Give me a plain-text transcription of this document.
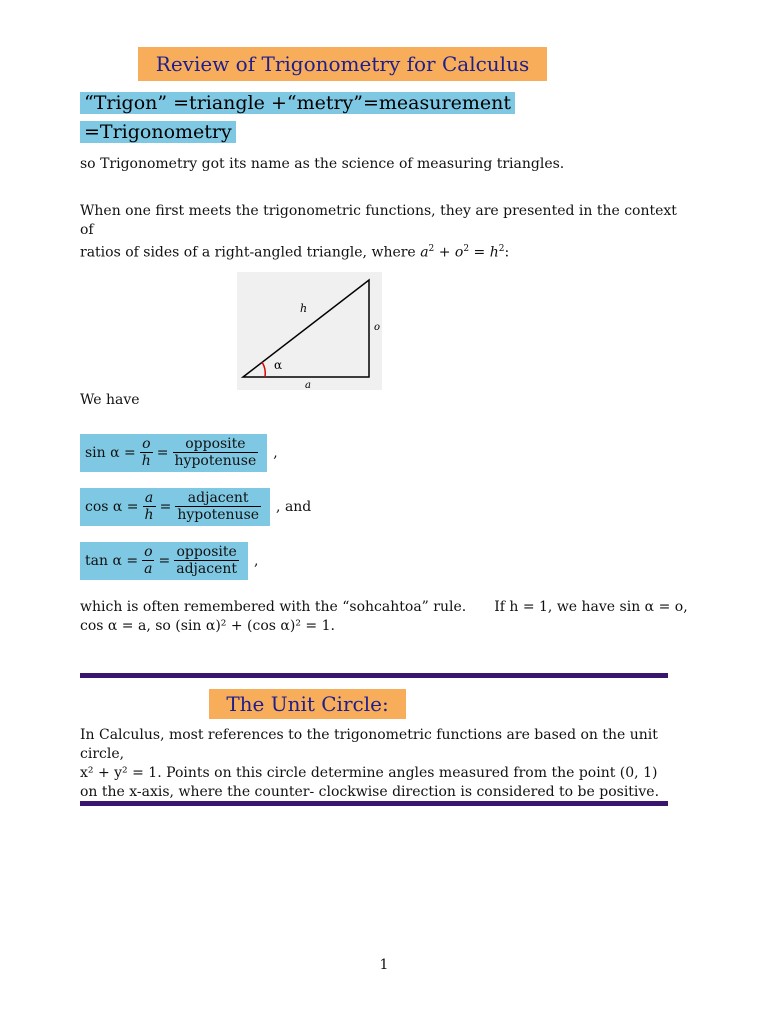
Review of Trigonometry for Calculus
“Trigon” =triangle +“metry”=measurement
=Trigonometry
so Trigonometry got its name as the science of measuring triangles.
When one first meets the trigonometric functions, they are presented in the context of
ratios of sides of a right-angled triangle, where $a^2 + o^2 = h^2$:
h
o
a
α
We have
$\sin \alpha = \frac{o}{h} = \frac{\text{opposite}}{\text{hypotenuse}}$ ,
$\cos \alpha = \frac{a}{h} = \frac{\text{adjacent}}{\text{hypotenuse}}$ , and
$\tan \alpha = \frac{o}{a} = \frac{\text{opposite}}{\text{adjacent}}$ ,
which is often remembered with the “sohcahtoa” rule. If h = 1, we have sin α = o,
cos α = a, so (sin α)² + (cos α)² = 1.
The Unit Circle:
In Calculus, most references to the trigonometric functions are based on the unit circle,
x² + y² = 1. Points on this circle determine angles measured from the point (0, 1)
on the x-axis, where the counter- clockwise direction is considered to be positive.
1
